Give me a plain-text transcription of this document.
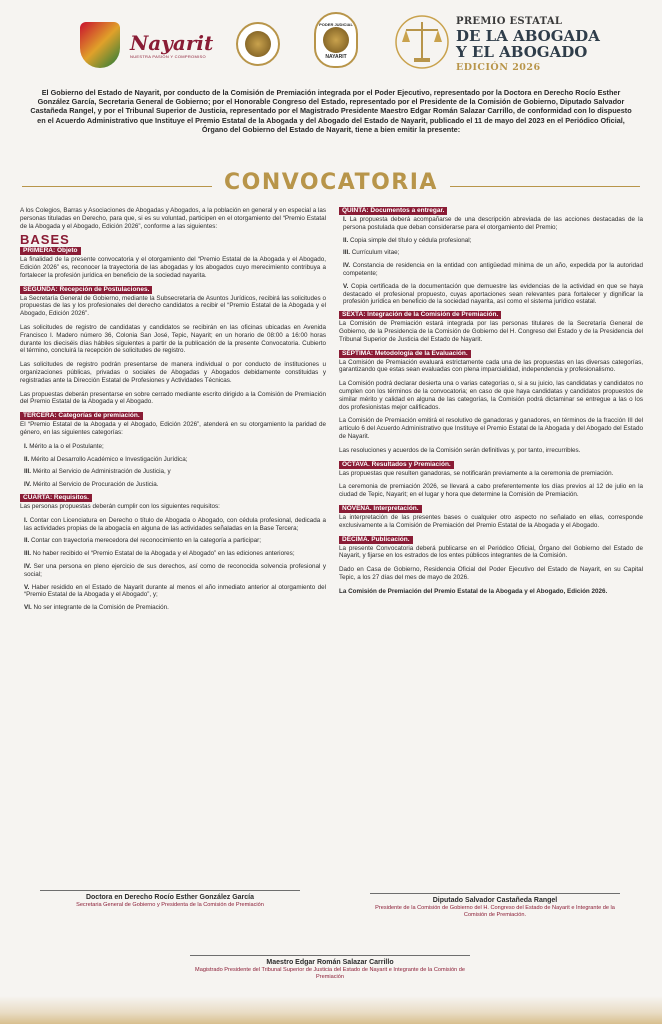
Nayarit
NUESTRA PASIÓN Y COMPROMISO
PODER JUDICIAL
NAYARIT
PREMIO ESTATAL
DE LA ABOGADA
Y EL ABOGADO
EDICIÓN 2026
El Gobierno del Estado de Nayarit, por conducto de la Comisión de Premiación integrada por el Poder Ejecutivo, representado por la Doctora en Derecho Rocío Esther González García, Secretaria General de Gobierno; por el Honorable Congreso del Estado, representado por el Presidente de la Comisión de Gobierno, Diputado Salvador Castañeda Rangel, y por el Tribunal Superior de Justicia, representado por el Magistrado Presidente Maestro Edgar Román Salazar Carrillo, de conformidad con lo dispuesto en el Acuerdo Administrativo que Instituye el Premio Estatal de la Abogada y del Abogado del Estado de Nayarit, publicado el 11 de mayo del 2023 en el Periódico Oficial, Órgano del Gobierno del Estado de Nayarit, tiene a bien emitir la presente:
CONVOCATORIA

A los Colegios, Barras y Asociaciones de Abogadas y Abogados, a la población en general y en especial a las personas tituladas en Derecho, para que, si es su voluntad, participen en el otorgamiento del “Premio Estatal de la Abogada y el Abogado, Edición 2026”, conforme a las siguientes:

BASES
PRIMERA: Objeto

La finalidad de la presente convocatoria y el otorgamiento del “Premio Estatal de la Abogada y el Abogado, Edición 2026” es, reconocer la trayectoria de las abogadas y los abogados cuyo merecimiento contribuya a fortalecer la profesión jurídica en beneficio de la sociedad nayarita.

SEGUNDA: Recepción de Postulaciones.

La Secretaría General de Gobierno, mediante la Subsecretaría de Asuntos Jurídicos, recibirá las solicitudes o propuestas de las y los profesionales del derecho candidatos a recibir el “Premio Estatal de la Abogada y el Abogado, Edición 2026”.

Las solicitudes de registro de candidatas y candidatos se recibirán en las oficinas ubicadas en Avenida Francisco I. Madero número 36, Colonia San José, Tepic, Nayarit; en un horario de 08:00 a 16:00 horas durante los dieciséis días hábiles siguientes a partir de la publicación de la presente Convocatoria. Cubierto el término, concluirá la recepción de solicitudes de registro.

Las solicitudes de registro podrán presentarse de manera individual o por conducto de instituciones u organizaciones públicas, privadas o sociales de Abogadas y Abogados debidamente constituidas y registradas ante la Dirección Estatal de Profesiones y Actividades Técnicas.

Las propuestas deberán presentarse en sobre cerrado mediante escrito dirigido a la Comisión de Premiación del Premio Estatal de la Abogada y el Abogado.

TERCERA: Categorías de premiación.

El “Premio Estatal de la Abogada y el Abogado, Edición 2026”, atenderá en su otorgamiento la paridad de género, en las siguientes categorías:

I. Mérito a la o el Postulante;
II. Mérito al Desarrollo Académico e Investigación Jurídica;
III. Mérito al Servicio de Administración de Justicia, y
IV. Mérito al Servicio de Procuración de Justicia.
CUARTA: Requisitos.

Las personas propuestas deberán cumplir con los siguientes requisitos:

I. Contar con Licenciatura en Derecho o título de Abogada o Abogado, con cédula profesional, dedicada a las actividades propias de la abogacía en alguna de las actividades señaladas en la Base Tercera;
II. Contar con trayectoria merecedora del reconocimiento en la categoría a participar;
III. No haber recibido el “Premio Estatal de la Abogada y el Abogado” en las ediciones anteriores;
IV. Ser una persona en pleno ejercicio de sus derechos, así como de reconocida solvencia profesional y social;
V. Haber residido en el Estado de Nayarit durante al menos el año inmediato anterior al otorgamiento del “Premio Estatal de la Abogada y el Abogado”, y;
VI. No ser integrante de la Comisión de Premiación.
QUINTA: Documentos a entregar.
I. La propuesta deberá acompañarse de una descripción abreviada de las acciones destacadas de la persona postulada que deban considerarse para el otorgamiento del Premio;
II. Copia simple del título y cédula profesional;
III. Currículum vitae;
IV. Constancia de residencia en la entidad con antigüedad mínima de un año, expedida por la autoridad competente;
V. Copia certificada de la documentación que demuestre las evidencias de la actividad en que se haya destacado el profesional propuesto, cuyas aportaciones sean relevantes para fortalecer y dignificar la profesión jurídica en beneficio de la sociedad nayarita, así como el sistema jurídico estatal.
SEXTA: Integración de la Comisión de Premiación.

La Comisión de Premiación estará integrada por las personas titulares de la Secretaría General de Gobierno, de la Presidencia de la Comisión de Gobierno del H. Congreso del Estado y de la Presidencia del Tribunal Superior de Justicia del Estado de Nayarit.

SÉPTIMA: Metodología de la Evaluación.

La Comisión de Premiación evaluará estrictamente cada una de las propuestas en las diversas categorías, garantizando que estas sean evaluadas con plena imparcialidad, independencia y profesionalismo.

La Comisión podrá declarar desierta una o varias categorías o, si a su juicio, las candidatas y candidatos no cumplen con los términos de la convocatoria; en caso de que haya candidatas y candidatos propuestos de similar mérito y calidad en alguna de las categorías, la Comisión podrá dictaminar se entregue a las o los dos profesionistas mejor calificados.

La Comisión de Premiación emitirá el resolutivo de ganadoras y ganadores, en términos de la fracción III del artículo 6 del Acuerdo Administrativo que Instituye el Premio Estatal de la Abogada y del Abogado del Estado de Nayarit.

Las resoluciones y acuerdos de la Comisión serán definitivas y, por tanto, irrecurribles.

OCTAVA. Resultados y Premiación.

Las propuestas que resulten ganadoras, se notificarán previamente a la ceremonia de premiación.

La ceremonia de premiación 2026, se llevará a cabo preferentemente los días previos al 12 de julio en la ciudad de Tepic, Nayarit; en el lugar y hora que determine la Comisión de Premiación.

NOVENA. Interpretación.

La interpretación de las presentes bases o cualquier otro aspecto no señalado en ellas, corresponde exclusivamente a la Comisión de Premiación del Premio Estatal de la Abogada y el Abogado.

DÉCIMA. Publicación.

La presente Convocatoria deberá publicarse en el Periódico Oficial, Órgano del Gobierno del Estado de Nayarit, y fijarse en los estrados de los entes públicos integrantes de la Comisión.

Dado en Casa de Gobierno, Residencia Oficial del Poder Ejecutivo del Estado de Nayarit, en su Capital Tepic, a los 27 días del mes de mayo de 2026.

La Comisión de Premiación del Premio Estatal de la Abogada y el Abogado, Edición 2026.

Doctora en Derecho Rocío Esther González García
Secretaria General de Gobierno y Presidenta de la Comisión de Premiación
Diputado Salvador Castañeda Rangel
Presidente de la Comisión de Gobierno del H. Congreso del Estado de Nayarit e Integrante de la Comisión de Premiación.
Maestro Edgar Román Salazar Carrillo
Magistrado Presidente del Tribunal Superior de Justicia del Estado de Nayarit e Integrante de la Comisión de Premiación
